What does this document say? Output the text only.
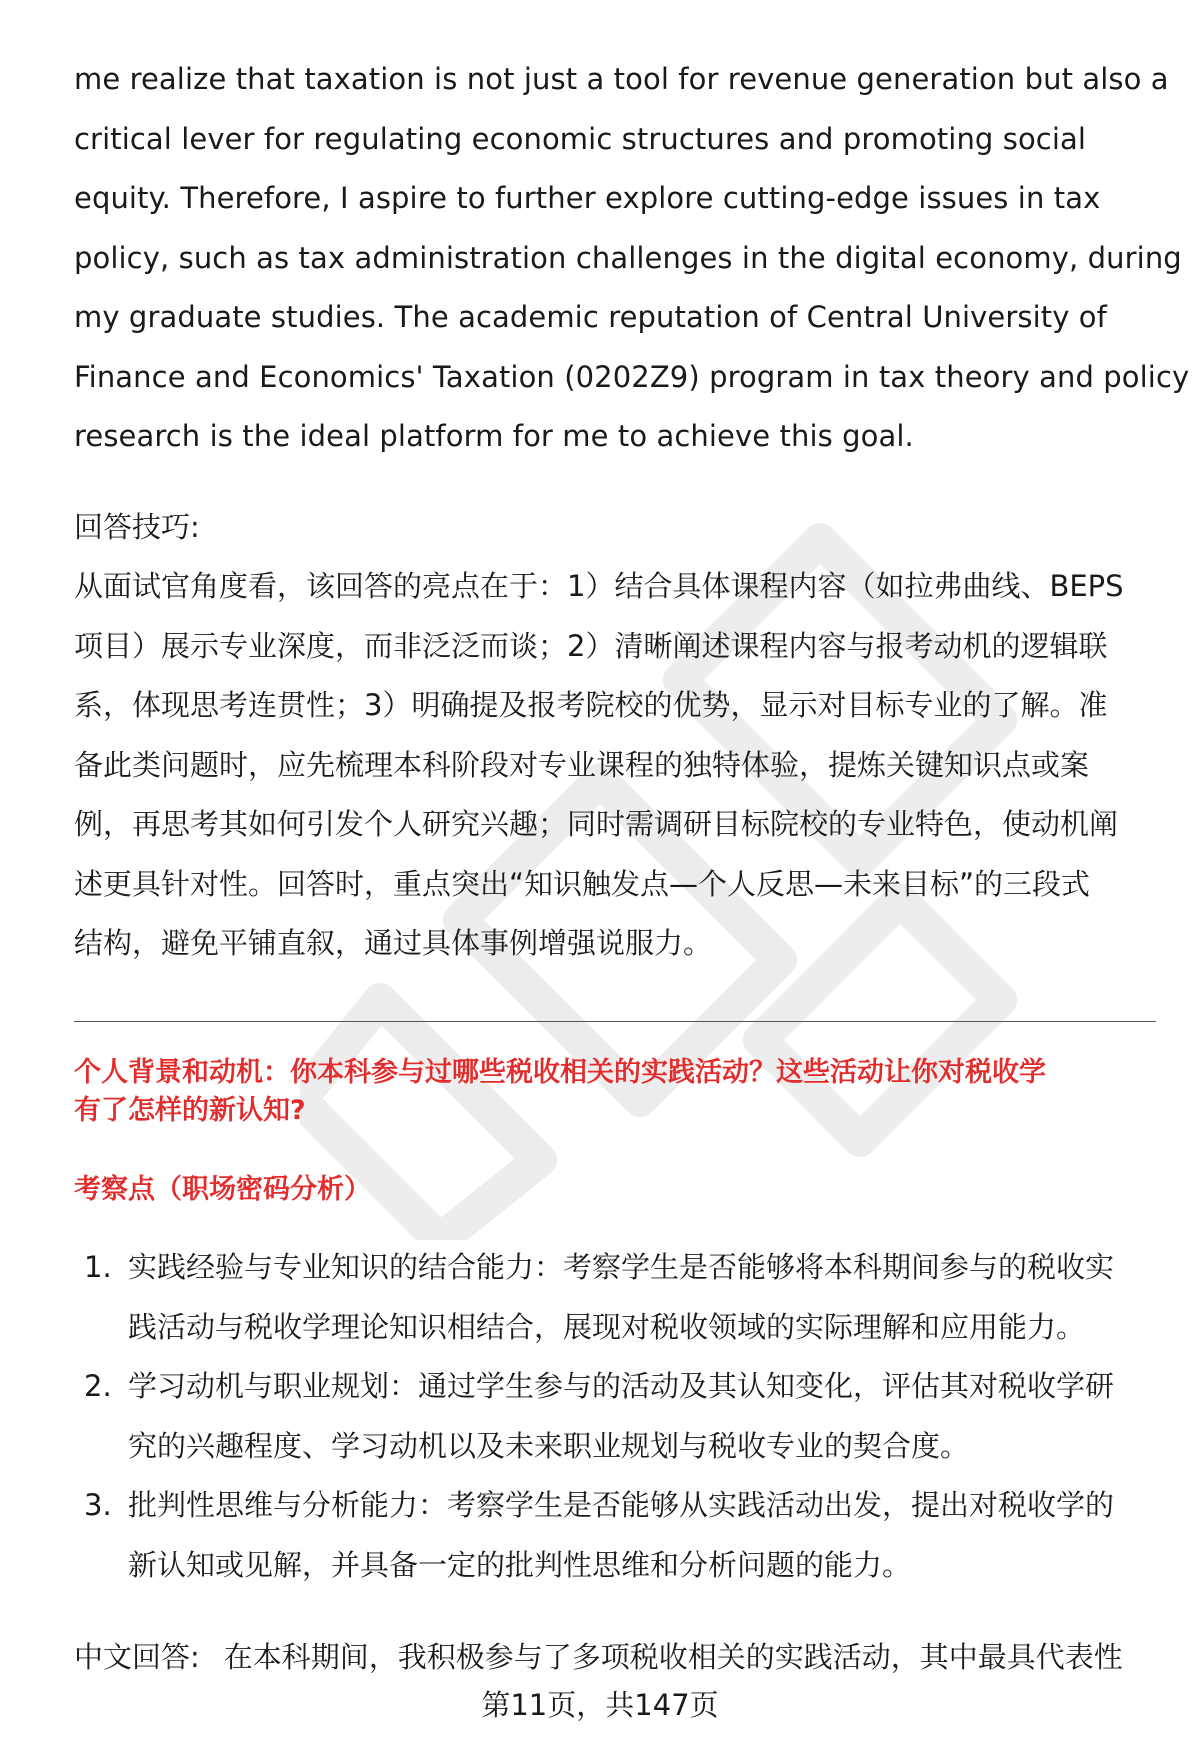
me realize that taxation is not just a tool for revenue generation but also a
critical lever for regulating economic structures and promoting social
equity. Therefore, I aspire to further explore cutting-edge issues in tax
policy, such as tax administration challenges in the digital economy, during
my graduate studies. The academic reputation of Central University of
Finance and Economics' Taxation (0202Z9) program in tax theory and policy
research is the ideal platform for me to achieve this goal.

回答技巧:

从面试官角度看，该回答的亮点在于：1）结合具体课程内容（如拉弗曲线、BEPS
项目）展示专业深度，而非泛泛而谈；2）清晰阐述课程内容与报考动机的逻辑联
系，体现思考连贯性；3）明确提及报考院校的优势，显示对目标专业的了解。准
备此类问题时，应先梳理本科阶段对专业课程的独特体验，提炼关键知识点或案
例，再思考其如何引发个人研究兴趣；同时需调研目标院校的专业特色，使动机阐
述更具针对性。回答时，重点突出“知识触发点—个人反思—未来目标”的三段式
结构，避免平铺直叙，通过具体事例增强说服力。

个人背景和动机：你本科参与过哪些税收相关的实践活动？这些活动让你对税收学
有了怎样的新认知?
考察点（职场密码分析）
1. 实践经验与专业知识的结合能力：考察学生是否能够将本科期间参与的税收实
践活动与税收学理论知识相结合，展现对税收领域的实际理解和应用能力。
2. 学习动机与职业规划：通过学生参与的活动及其认知变化，评估其对税收学研
究的兴趣程度、学习动机以及未来职业规划与税收专业的契合度。
3. 批判性思维与分析能力：考察学生是否能够从实践活动出发，提出对税收学的
新认知或见解，并具备一定的批判性思维和分析问题的能力。

中文回答: 在本科期间，我积极参与了多项税收相关的实践活动，其中最具代表性

第11页，共147页
